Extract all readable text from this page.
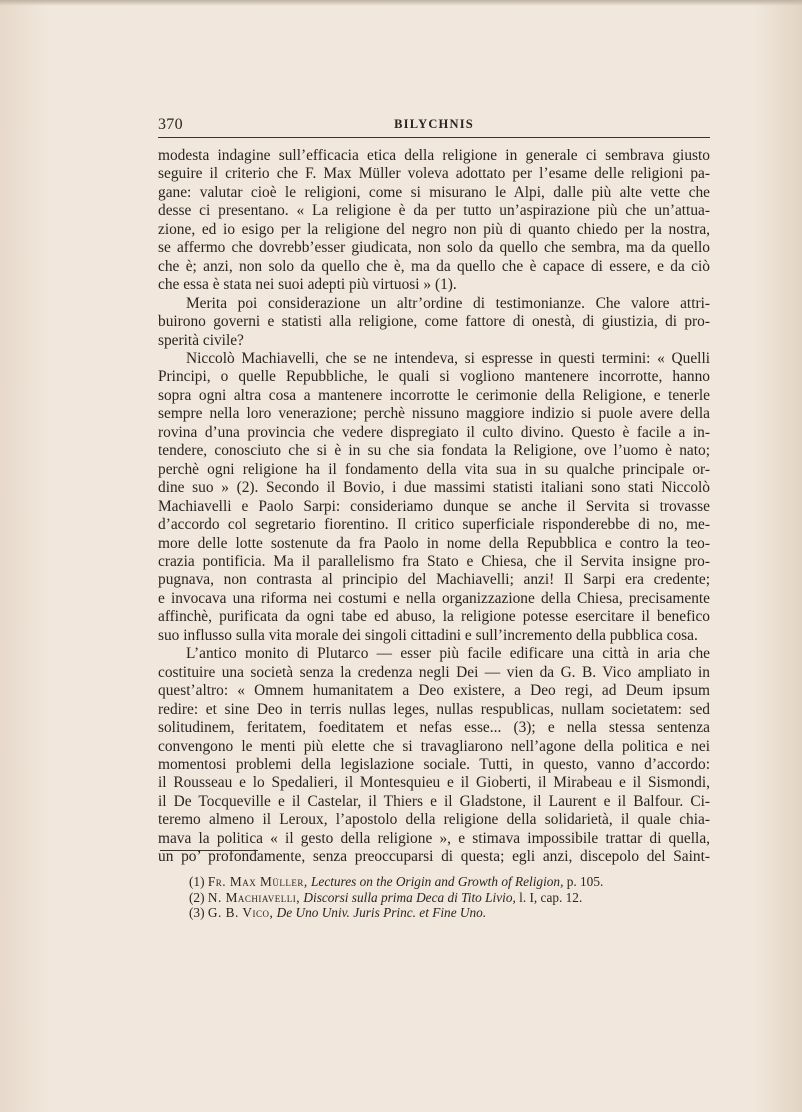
370	BILYCHNIS
modesta indagine sull’efficacia etica della religione in generale ci sembrava giusto
seguire il criterio che F. Max Müller voleva adottato per l’esame delle religioni pa-
gane: valutar cioè le religioni, come si misurano le Alpi, dalle più alte vette che
desse ci presentano. « La religione è da per tutto un’aspirazione più che un’attua-
zione, ed io esigo per la religione del negro non più di quanto chiedo per la nostra,
se affermo che dovrebb’esser giudicata, non solo da quello che sembra, ma da quello
che è; anzi, non solo da quello che è, ma da quello che è capace di essere, e da ciò
che essa è stata nei suoi adepti più virtuosi » (1).
Merita poi considerazione un altr’ordine di testimonianze. Che valore attri-
buirono governi e statisti alla religione, come fattore di onestà, di giustizia, di pro-
sperità civile?
Niccolò Machiavelli, che se ne intendeva, si espresse in questi termini: « Quelli
Principi, o quelle Repubbliche, le quali si vogliono mantenere incorrotte, hanno
sopra ogni altra cosa a mantenere incorrotte le cerimonie della Religione, e tenerle
sempre nella loro venerazione; perchè nissuno maggiore indizio si puole avere della
rovina d’una provincia che vedere dispregiato il culto divino. Questo è facile a in-
tendere, conosciuto che si è in su che sia fondata la Religione, ove l’uomo è nato;
perchè ogni religione ha il fondamento della vita sua in su qualche principale or-
dine suo » (2). Secondo il Bovio, i due massimi statisti italiani sono stati Niccolò
Machiavelli e Paolo Sarpi: consideriamo dunque se anche il Servita si trovasse
d’accordo col segretario fiorentino. Il critico superficiale risponderebbe di no, me-
more delle lotte sostenute da fra Paolo in nome della Repubblica e contro la teo-
crazia pontificia. Ma il parallelismo fra Stato e Chiesa, che il Servita insigne pro-
pugnava, non contrasta al principio del Machiavelli; anzi! Il Sarpi era credente;
e invocava una riforma nei costumi e nella organizzazione della Chiesa, precisamente
affinchè, purificata da ogni tabe ed abuso, la religione potesse esercitare il benefico
suo influsso sulla vita morale dei singoli cittadini e sull’incremento della pubblica cosa.
L’antico monito di Plutarco — esser più facile edificare una città in aria che
costituire una società senza la credenza negli Dei — vien da G. B. Vico ampliato in
quest’altro: « Omnem humanitatem a Deo existere, a Deo regi, ad Deum ipsum
redire: et sine Deo in terris nullas leges, nullas respublicas, nullam societatem: sed
solitudinem, feritatem, foeditatem et nefas esse... (3); e nella stessa sentenza
convengono le menti più elette che si travagliarono nell’agone della politica e nei
momentosi problemi della legislazione sociale. Tutti, in questo, vanno d’accordo:
il Rousseau e lo Spedalieri, il Montesquieu e il Gioberti, il Mirabeau e il Sismondi,
il De Tocqueville e il Castelar, il Thiers e il Gladstone, il Laurent e il Balfour. Ci-
teremo almeno il Leroux, l’apostolo della religione della solidarietà, il quale chia-
mava la politica « il gesto della religione », e stimava impossibile trattar di quella,
un po’ profondamente, senza preoccuparsi di questa; egli anzi, discepolo del Saint-
(1) Fr. Max Müller, Lectures on the Origin and Growth of Religion, p. 105.
(2) N. Machiavelli, Discorsi sulla prima Deca di Tito Livio, l. I, cap. 12.
(3) G. B. Vico, De Uno Univ. Juris Princ. et Fine Uno.
